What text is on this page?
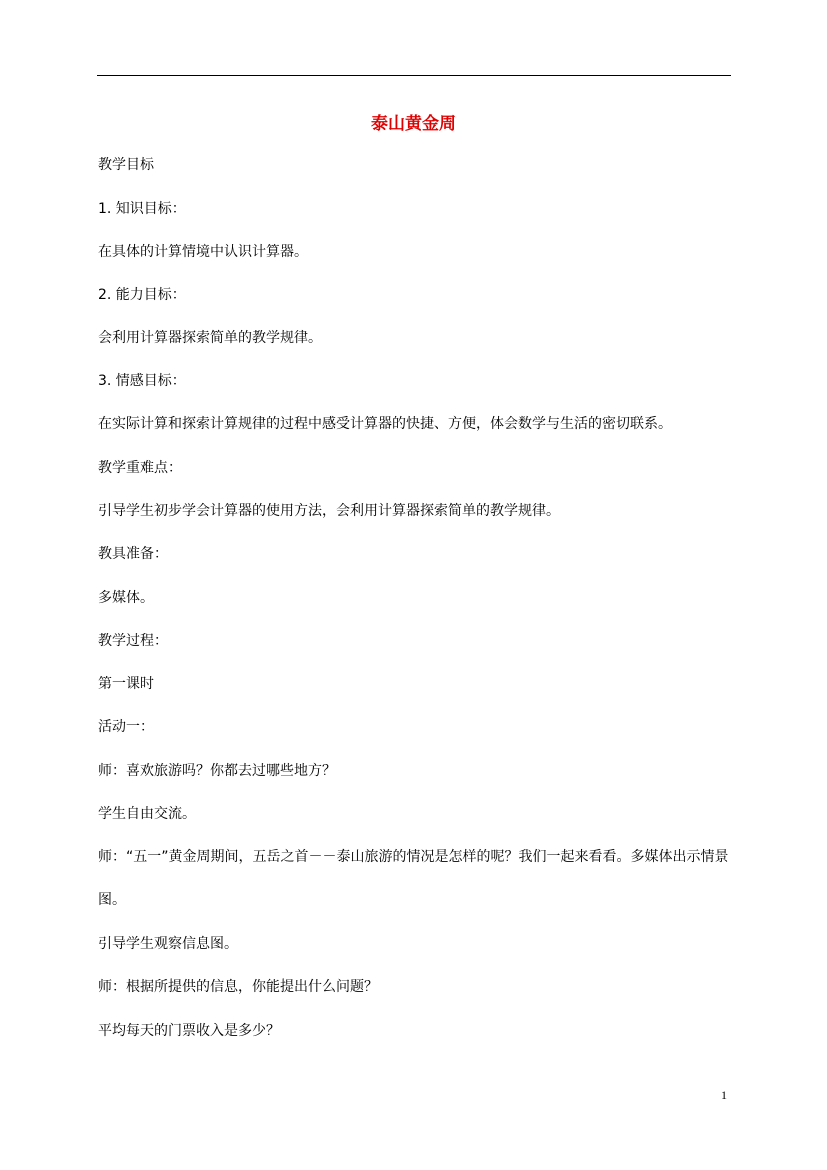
泰山黄金周

教学目标

1. 知识目标：

在具体的计算情境中认识计算器。

2. 能力目标：

会利用计算器探索简单的教学规律。

3. 情感目标：

在实际计算和探索计算规律的过程中感受计算器的快捷、方便，体会数学与生活的密切联系。

教学重难点：

引导学生初步学会计算器的使用方法，会利用计算器探索简单的教学规律。

教具准备：

多媒体。

教学过程：

第一课时

活动一：

师：喜欢旅游吗？你都去过哪些地方？

学生自由交流。

师：“五一”黄金周期间，五岳之首－－泰山旅游的情况是怎样的呢？我们一起来看看。多媒体出示情景图。

引导学生观察信息图。

师：根据所提供的信息，你能提出什么问题？

平均每天的门票收入是多少？

1
